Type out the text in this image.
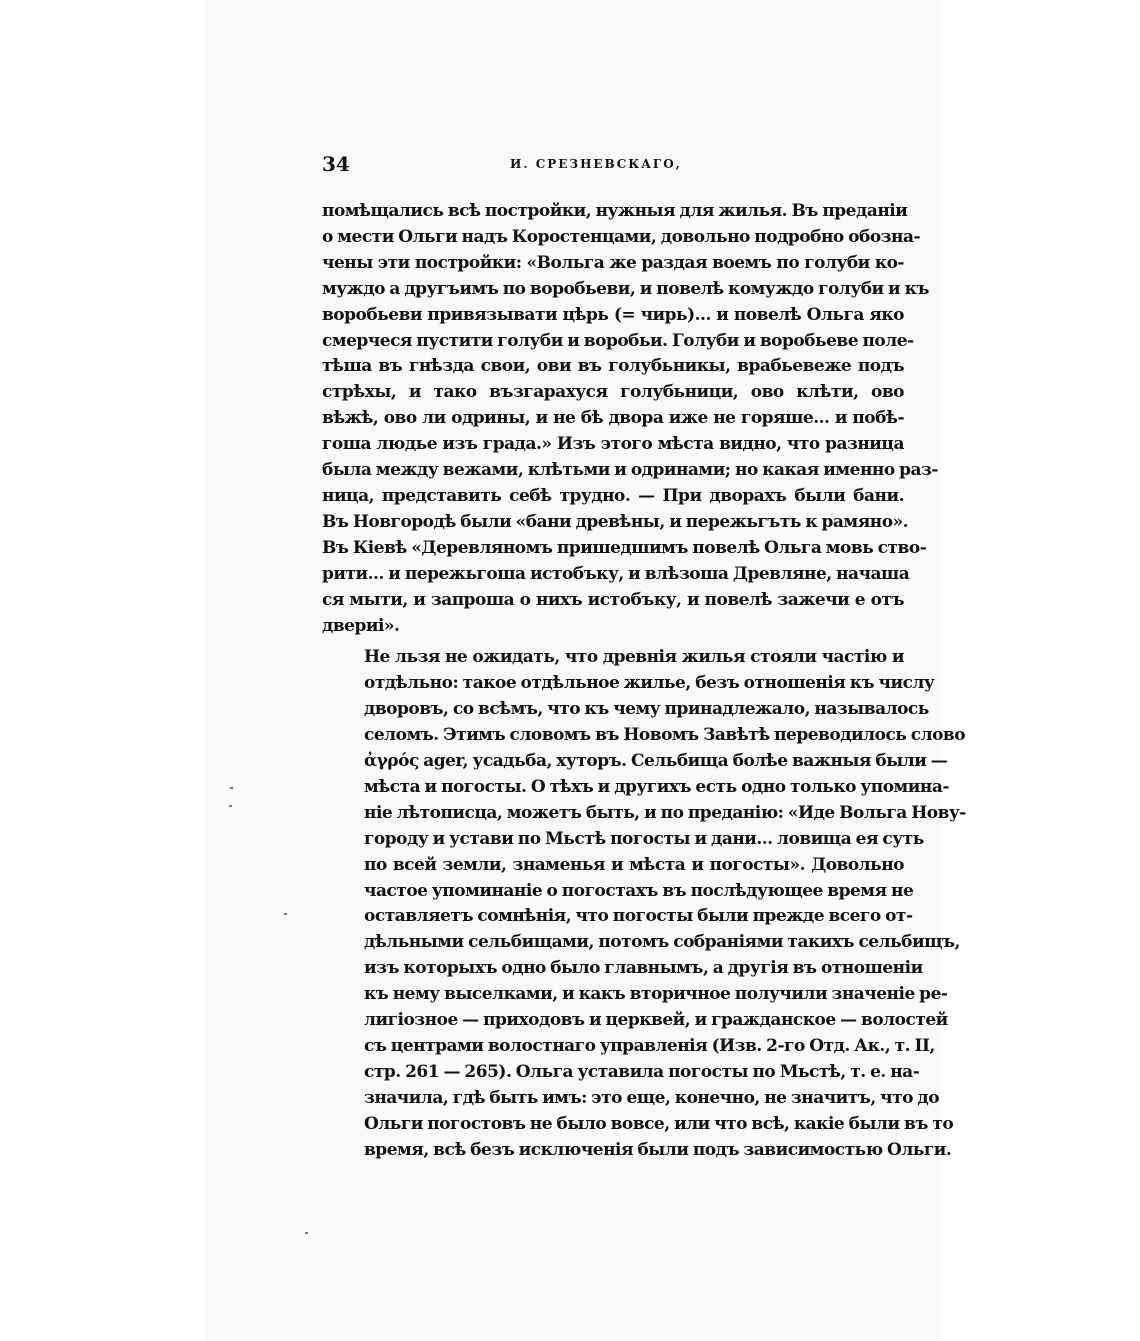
34	И. СРЕЗНЕВСКАГО,

помѣщались всѣ постройки, нужныя для жилья. Въ преданіи
о мести Ольги надъ Коростенцами, довольно подробно обозна-
чены эти постройки: «Вольга же раздая воемъ по голуби ко-
муждо а другъимъ по воробьеви, и повелѣ комуждо голуби и къ
воробьеви привязывати цѣрь (= чирь)... и повелѣ Ольга яко
смерчеся пустити голуби и воробьи. Голуби и воробьеве поле-
тѣша въ гнѣзда свои, ови въ голубьникы, врабьевеже подъ
стрѣхы, и тако възгарахуся голубьници, ово клѣти, ово
вѣжѣ, ово ли одрины, и не бѣ двора иже не горяше... и побѣ-
гоша людье изъ града.» Изъ этого мѣста видно, что разница
была между вежами, клѣтьми и одринами; но какая именно раз-
ница, представить себѣ трудно. — При дворахъ были бани.
Въ Новгородѣ были «бани древѣны, и пережьгъть к рамяно».
Въ Кіевѣ «Деревляномъ пришедшимъ повелѣ Ольга мовь ство-
рити... и пережьгоша истобъку, и влѣзоша Древляне, начаша
ся мыти, и запроша о нихъ истобъку, и повелѣ зажечи е отъ
двериі».

Не льзя не ожидать, что древнія жилья стояли частію и
отдѣльно: такое отдѣльное жилье, безъ отношенія къ числу
дворовъ, со всѣмъ, что къ чему принадлежало, называлось
селомъ. Этимъ словомъ въ Новомъ Завѣтѣ переводилось слово
ἀγρός ager, усадьба, хуторъ. Сельбища болѣе важныя были —
мѣста и погосты. О тѣхъ и другихъ есть одно только упомина-
ніе лѣтописца, можетъ быть, и по преданію: «Иде Вольга Нову-
городу и устави по Мьстѣ погосты и дани... ловища ея суть
по всей земли, знаменья и мѣста и погосты». Довольно
частое упоминаніе о погостахъ въ послѣдующее время не
оставляетъ сомнѣнія, что погосты были прежде всего от-
дѣльными сельбищами, потомъ собраніями такихъ сельбищъ,
изъ которыхъ одно было главнымъ, а другія въ отношеніи
къ нему выселками, и какъ вторичное получили значеніе ре-
лигіозное — приходовъ и церквей, и гражданское — волостей
съ центрами волостнаго управленія (Изв. 2-го Отд. Ак., т. II,
стр. 261 — 265). Ольга уставила погосты по Мьстѣ, т. е. на-
значила, гдѣ быть имъ: это еще, конечно, не значитъ, что до
Ольги погостовъ не было вовсе, или что всѣ, какіе были въ то
время, всѣ безъ исключенія были подъ зависимостью Ольги.
